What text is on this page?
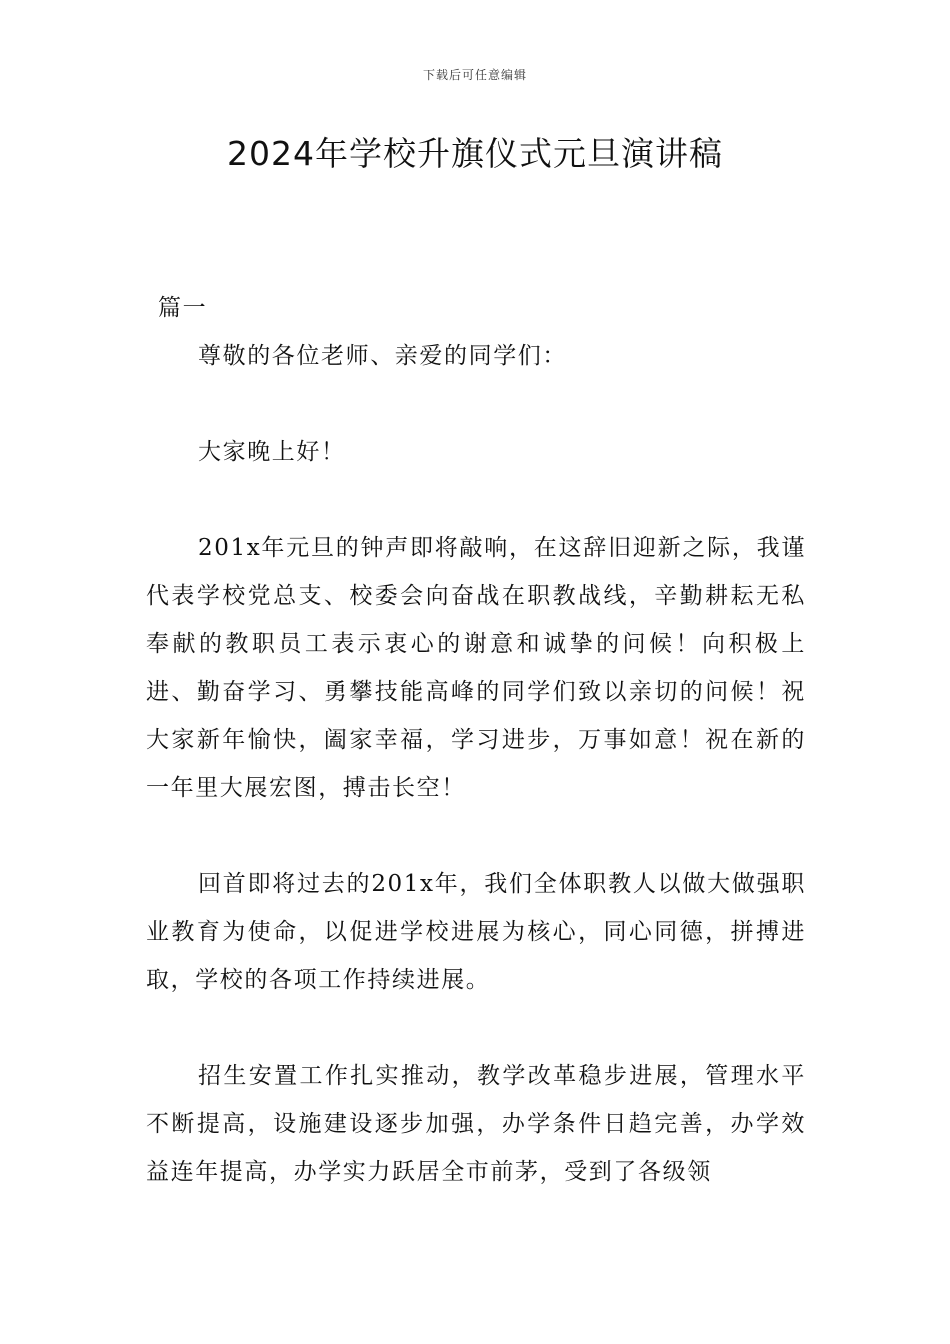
下载后可任意编辑
2024年学校升旗仪式元旦演讲稿

篇一

尊敬的各位老师、亲爱的同学们：

大家晚上好！

201x年元旦的钟声即将敲响，在这辞旧迎新之际，我谨代表学校党总支、校委会向奋战在职教战线，辛勤耕耘无私奉献的教职员工表示衷心的谢意和诚挚的问候！向积极上进、勤奋学习、勇攀技能高峰的同学们致以亲切的问候！祝大家新年愉快，阖家幸福，学习进步，万事如意！祝在新的一年里大展宏图，搏击长空！

回首即将过去的201x年，我们全体职教人以做大做强职业教育为使命，以促进学校进展为核心，同心同德，拼搏进取，学校的各项工作持续进展。

招生安置工作扎实推动，教学改革稳步进展，管理水平不断提高，设施建设逐步加强，办学条件日趋完善，办学效益连年提高，办学实力跃居全市前茅，受到了各级领
